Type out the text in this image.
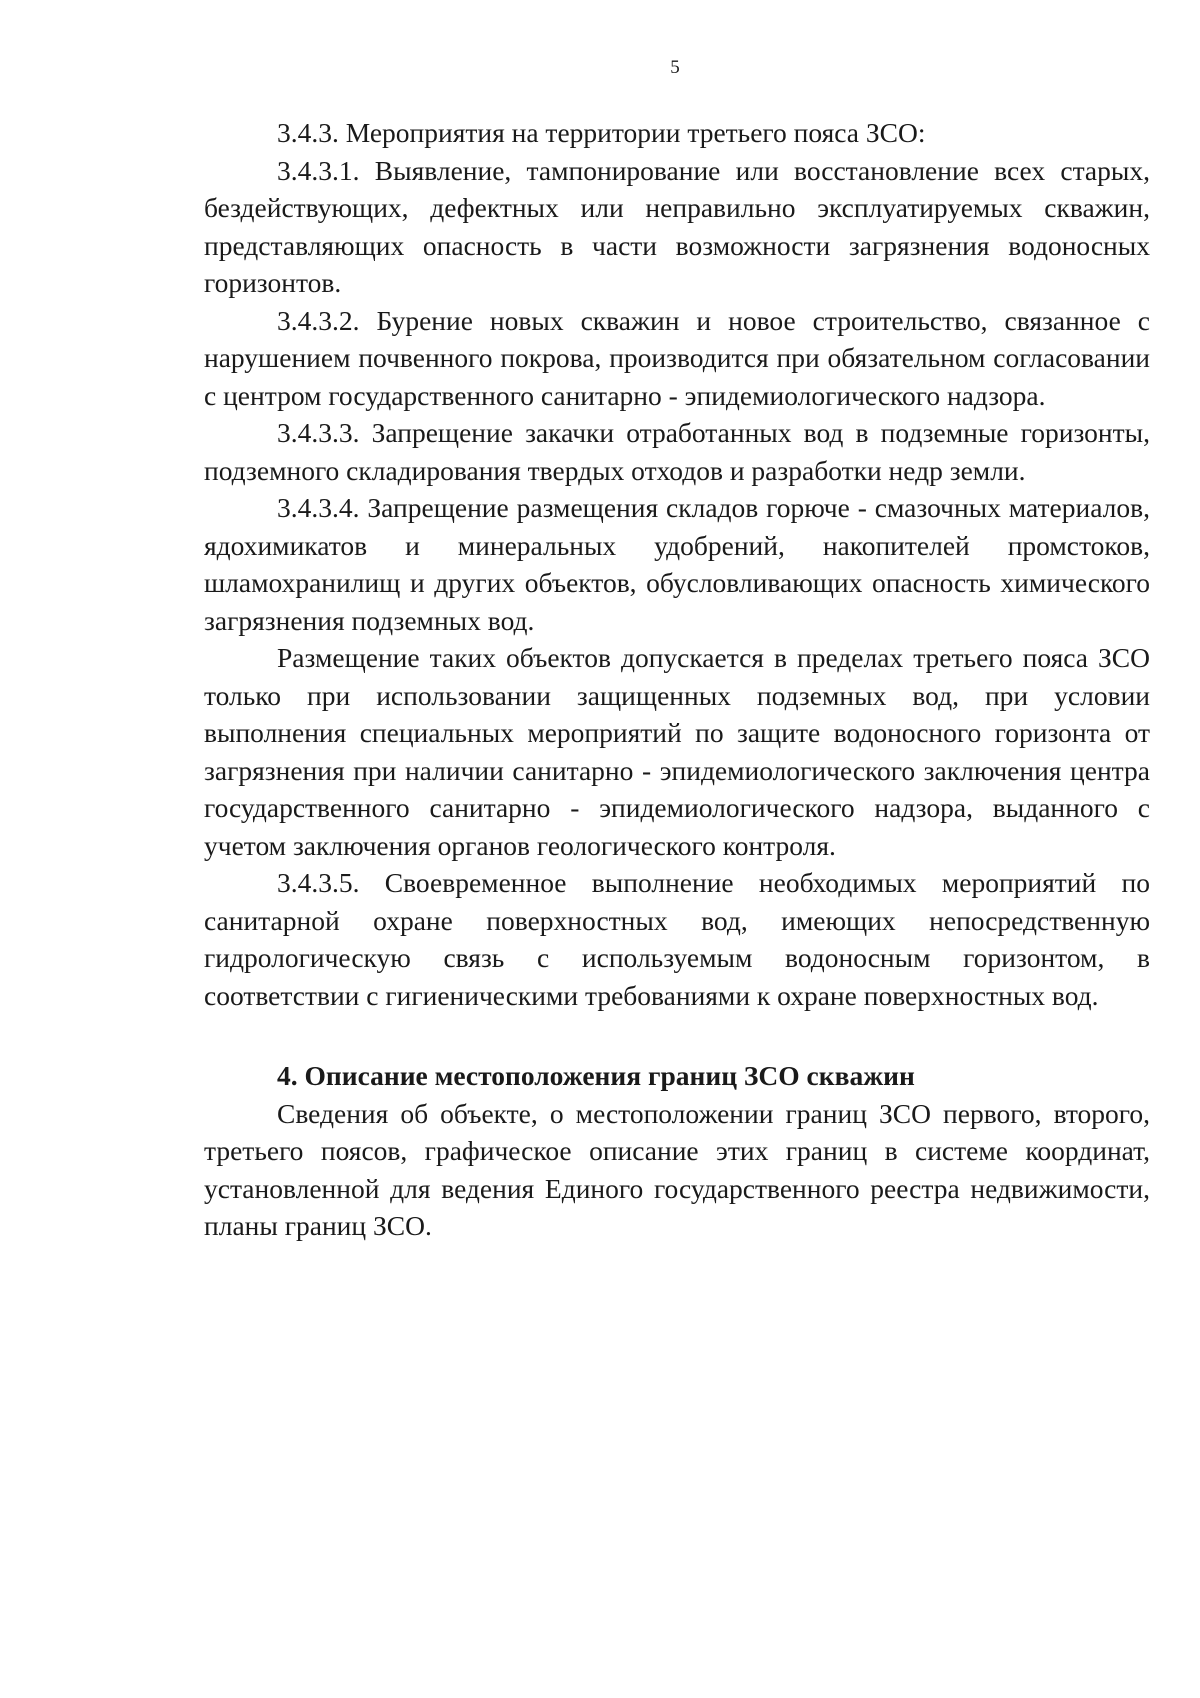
5

3.4.3. Мероприятия на территории третьего пояса ЗСО:

3.4.3.1. Выявление, тампонирование или восстановление всех старых, бездействующих, дефектных или неправильно эксплуатируемых скважин, представляющих опасность в части возможности загрязнения водоносных горизонтов.

3.4.3.2. Бурение новых скважин и новое строительство, связанное с нарушением почвенного покрова, производится при обязательном согласовании с центром государственного санитарно - эпидемиологического надзора.

3.4.3.3. Запрещение закачки отработанных вод в подземные горизонты, подземного складирования твердых отходов и разработки недр земли.

3.4.3.4. Запрещение размещения складов горюче - смазочных материалов, ядохимикатов и минеральных удобрений, накопителей промстоков, шламохранилищ и других объектов, обусловливающих опасность химического загрязнения подземных вод.

Размещение таких объектов допускается в пределах третьего пояса ЗСО только при использовании защищенных подземных вод, при условии выполнения специальных мероприятий по защите водоносного горизонта от загрязнения при наличии санитарно - эпидемиологического заключения центра государственного санитарно - эпидемиологического надзора, выданного с учетом заключения органов геологического контроля.

3.4.3.5. Своевременное выполнение необходимых мероприятий по санитарной охране поверхностных вод, имеющих непосредственную гидрологическую связь с используемым водоносным горизонтом, в соответствии с гигиеническими требованиями к охране поверхностных вод.

4. Описание местоположения границ ЗСО скважин

Сведения об объекте, о местоположении границ ЗСО первого, второго, третьего поясов, графическое описание этих границ в системе координат, установленной для ведения Единого государственного реестра недвижимости, планы границ ЗСО.
